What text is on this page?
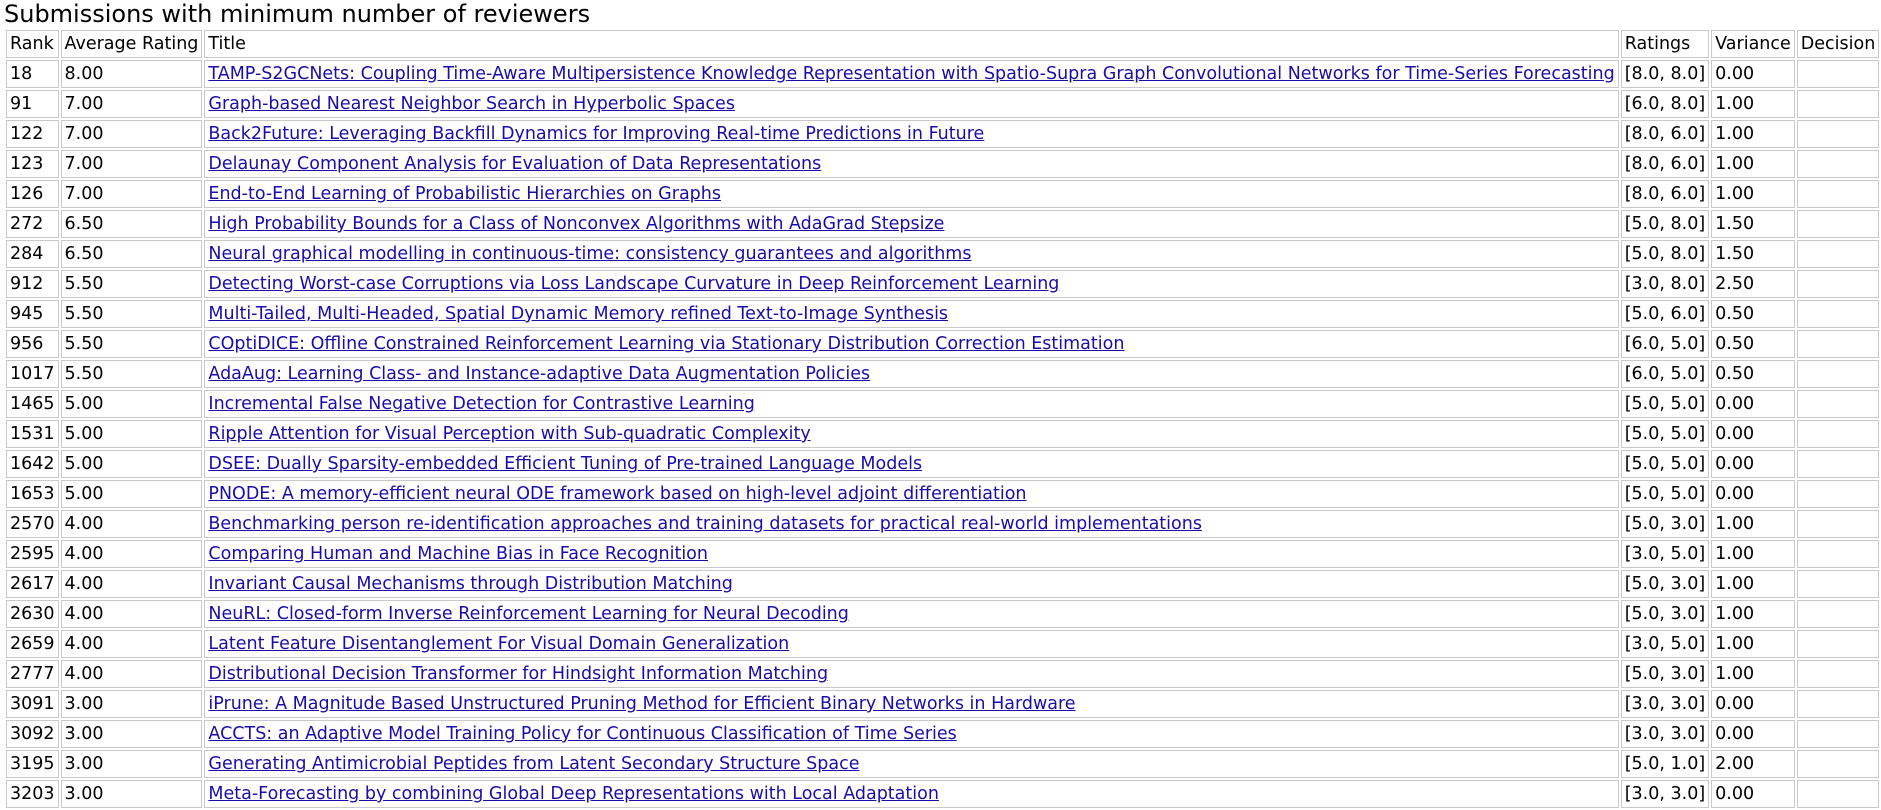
Submissions with minimum number of reviewers
Rank	Average Rating	Title	Ratings	Variance	Decision
18	8.00	TAMP-S2GCNets: Coupling Time-Aware Multipersistence Knowledge Representation with Spatio-Supra Graph Convolutional Networks for Time-Series Forecasting	[8.0, 8.0]	0.00	
91	7.00	Graph-based Nearest Neighbor Search in Hyperbolic Spaces	[6.0, 8.0]	1.00	
122	7.00	Back2Future: Leveraging Backfill Dynamics for Improving Real-time Predictions in Future	[8.0, 6.0]	1.00	
123	7.00	Delaunay Component Analysis for Evaluation of Data Representations	[8.0, 6.0]	1.00	
126	7.00	End-to-End Learning of Probabilistic Hierarchies on Graphs	[8.0, 6.0]	1.00	
272	6.50	High Probability Bounds for a Class of Nonconvex Algorithms with AdaGrad Stepsize	[5.0, 8.0]	1.50	
284	6.50	Neural graphical modelling in continuous-time: consistency guarantees and algorithms	[5.0, 8.0]	1.50	
912	5.50	Detecting Worst-case Corruptions via Loss Landscape Curvature in Deep Reinforcement Learning	[3.0, 8.0]	2.50	
945	5.50	Multi-Tailed, Multi-Headed, Spatial Dynamic Memory refined Text-to-Image Synthesis	[5.0, 6.0]	0.50	
956	5.50	COptiDICE: Offline Constrained Reinforcement Learning via Stationary Distribution Correction Estimation	[6.0, 5.0]	0.50	
1017	5.50	AdaAug: Learning Class- and Instance-adaptive Data Augmentation Policies	[6.0, 5.0]	0.50	
1465	5.00	Incremental False Negative Detection for Contrastive Learning	[5.0, 5.0]	0.00	
1531	5.00	Ripple Attention for Visual Perception with Sub-quadratic Complexity	[5.0, 5.0]	0.00	
1642	5.00	DSEE: Dually Sparsity-embedded Efficient Tuning of Pre-trained Language Models	[5.0, 5.0]	0.00	
1653	5.00	PNODE: A memory-efficient neural ODE framework based on high-level adjoint differentiation	[5.0, 5.0]	0.00	
2570	4.00	Benchmarking person re-identification approaches and training datasets for practical real-world implementations	[5.0, 3.0]	1.00	
2595	4.00	Comparing Human and Machine Bias in Face Recognition	[3.0, 5.0]	1.00	
2617	4.00	Invariant Causal Mechanisms through Distribution Matching	[5.0, 3.0]	1.00	
2630	4.00	NeuRL: Closed-form Inverse Reinforcement Learning for Neural Decoding	[5.0, 3.0]	1.00	
2659	4.00	Latent Feature Disentanglement For Visual Domain Generalization	[3.0, 5.0]	1.00	
2777	4.00	Distributional Decision Transformer for Hindsight Information Matching	[5.0, 3.0]	1.00	
3091	3.00	iPrune: A Magnitude Based Unstructured Pruning Method for Efficient Binary Networks in Hardware	[3.0, 3.0]	0.00	
3092	3.00	ACCTS: an Adaptive Model Training Policy for Continuous Classification of Time Series	[3.0, 3.0]	0.00	
3195	3.00	Generating Antimicrobial Peptides from Latent Secondary Structure Space	[5.0, 1.0]	2.00	
3203	3.00	Meta-Forecasting by combining Global Deep Representations with Local Adaptation	[3.0, 3.0]	0.00	
